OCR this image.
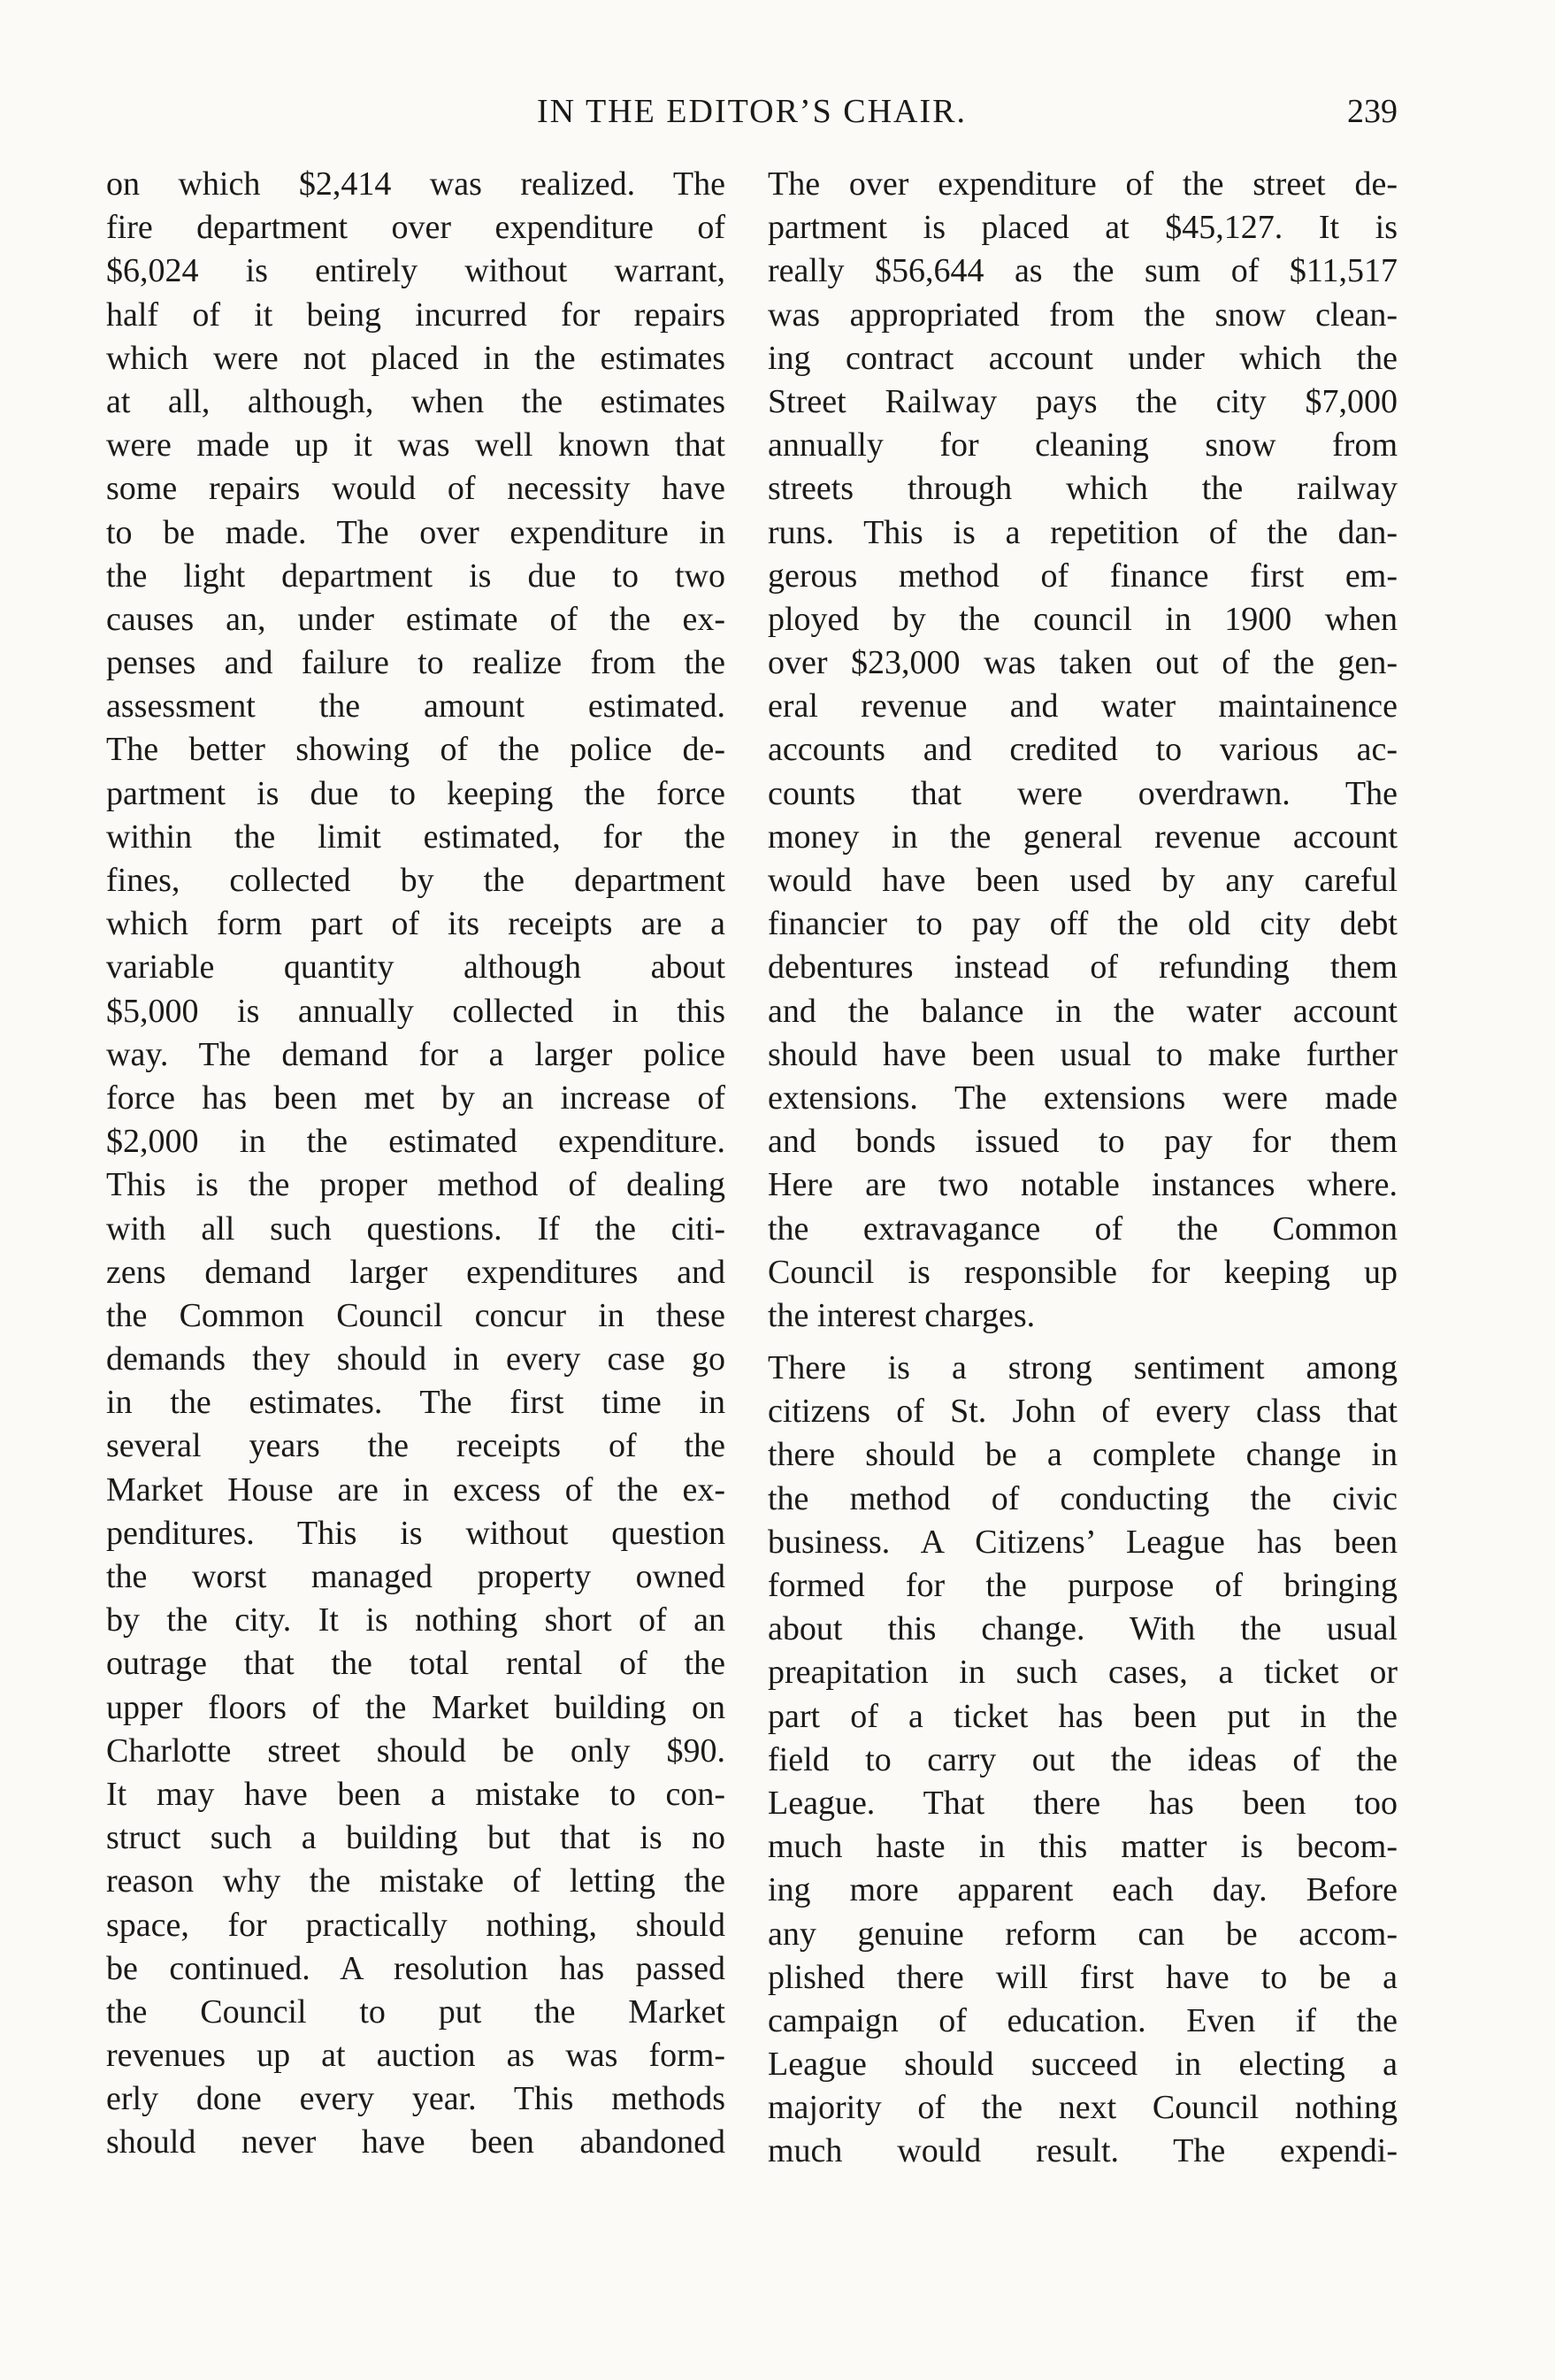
IN THE EDITOR’S CHAIR.	239
on which $2,414 was realized. The
fire department over expenditure of
$6,024 is entirely without warrant,
half of it being incurred for repairs
which were not placed in the estimates
at all, although, when the estimates
were made up it was well known that
some repairs would of necessity have
to be made. The over expenditure in
the light department is due to two
causes an, under estimate of the ex-
penses and failure to realize from the
assessment the amount estimated.
The better showing of the police de-
partment is due to keeping the force
within the limit estimated, for the
fines, collected by the department
which form part of its receipts are a
variable quantity although about
$5,000 is annually collected in this
way. The demand for a larger police
force has been met by an increase of
$2,000 in the estimated expenditure.
This is the proper method of dealing
with all such questions. If the citi-
zens demand larger expenditures and
the Common Council concur in these
demands they should in every case go
in the estimates. The first time in
several years the receipts of the
Market House are in excess of the ex-
penditures. This is without question
the worst managed property owned
by the city. It is nothing short of an
outrage that the total rental of the
upper floors of the Market building on
Charlotte street should be only $90.
It may have been a mistake to con-
struct such a building but that is no
reason why the mistake of letting the
space, for practically nothing, should
be continued. A resolution has passed
the Council to put the Market
revenues up at auction as was form-
erly done every year. This methods
should never have been abandoned
The over expenditure of the street de-
partment is placed at $45,127. It is
really $56,644 as the sum of $11,517
was appropriated from the snow clean-
ing contract account under which the
Street Railway pays the city $7,000
annually for cleaning snow from
streets through which the railway
runs. This is a repetition of the dan-
gerous method of finance first em-
ployed by the council in 1900 when
over $23,000 was taken out of the gen-
eral revenue and water maintainence
accounts and credited to various ac-
counts that were overdrawn. The
money in the general revenue account
would have been used by any careful
financier to pay off the old city debt
debentures instead of refunding them
and the balance in the water account
should have been usual to make further
extensions. The extensions were made
and bonds issued to pay for them
Here are two notable instances where.
the extravagance of the Common
Council is responsible for keeping up
the interest charges.
There is a strong sentiment among
citizens of St. John of every class that
there should be a complete change in
the method of conducting the civic
business. A Citizens’ League has been
formed for the purpose of bringing
about this change. With the usual
preapitation in such cases, a ticket or
part of a ticket has been put in the
field to carry out the ideas of the
League. That there has been too
much haste in this matter is becom-
ing more apparent each day. Before
any genuine reform can be accom-
plished there will first have to be a
campaign of education. Even if the
League should succeed in electing a
majority of the next Council nothing
much would result. The expendi-
